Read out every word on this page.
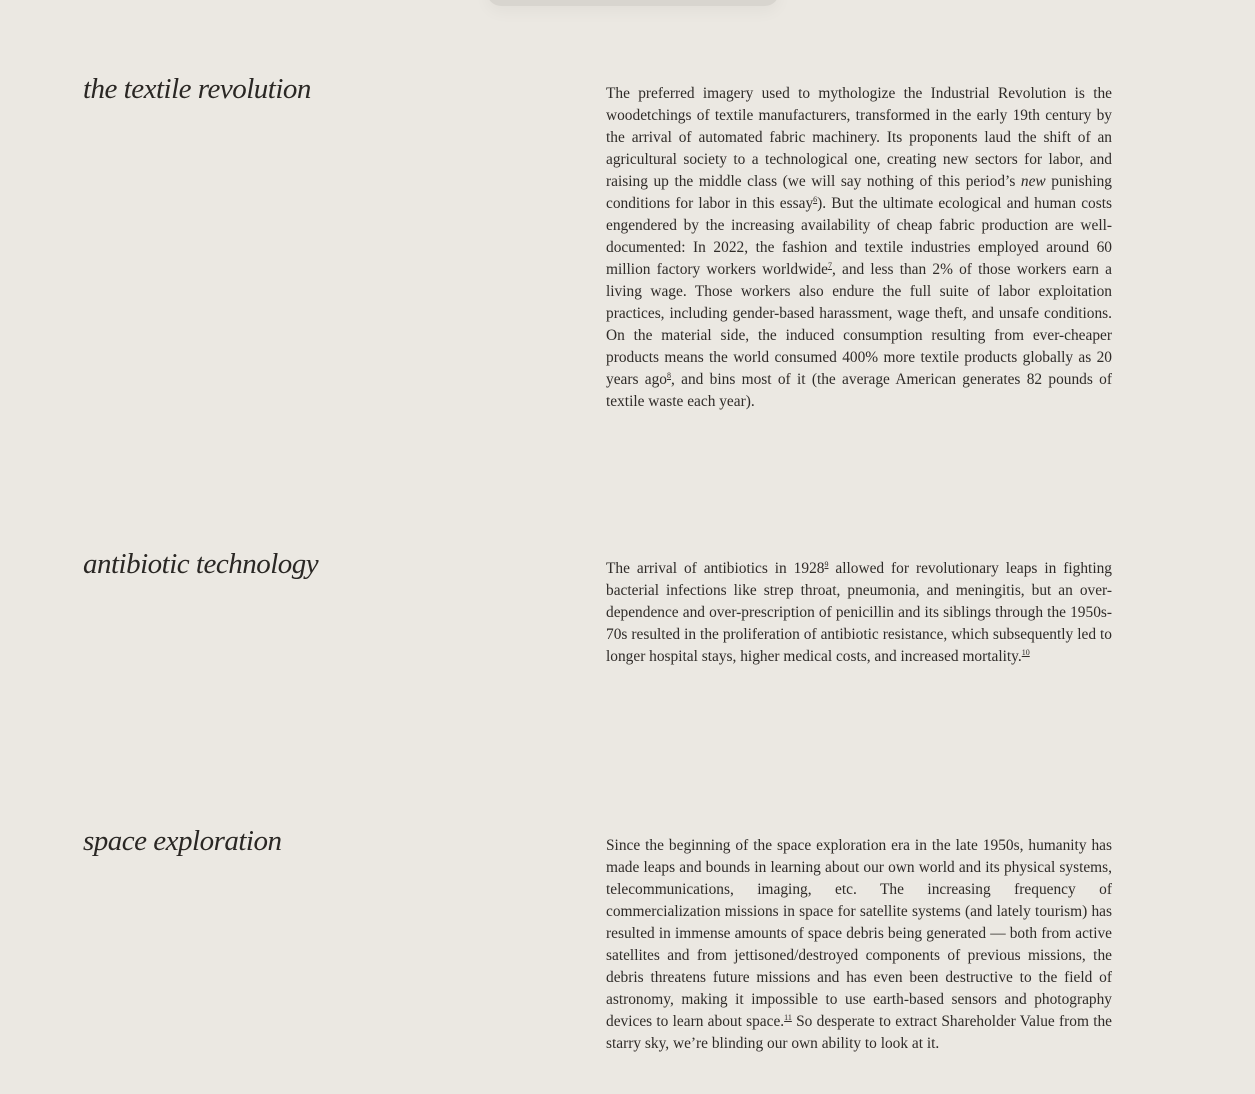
the textile revolution	The preferred imagery used to mythologize the Industrial Revolution is the woodetchings of textile manufacturers, transformed in the early 19th century by the arrival of automated fabric machinery. Its proponents laud the shift of an agricultural society to a technological one, creating new sectors for labor, and raising up the middle class (we will say nothing of this period’s new punishing conditions for labor in this essay$^6$). But the ultimate ecological and human costs engendered by the increasing availability of cheap fabric production are well-documented: In 2022, the fashion and textile industries employed around 60 million factory workers worldwide$^7$, and less than 2% of those workers earn a living wage. Those workers also endure the full suite of labor exploitation practices, including gender-based harassment, wage theft, and unsafe conditions. On the material side, the induced consumption resulting from ever-cheaper products means the world consumed 400% more textile products globally as 20 years ago$^8$, and bins most of it (the average American generates 82 pounds of textile waste each year).

antibiotic technology	The arrival of antibiotics in 1928$^9$ allowed for revolutionary leaps in fighting bacterial infections like strep throat, pneumonia, and meningitis, but an over-dependence and over-prescription of penicillin and its siblings through the 1950s-70s resulted in the proliferation of antibiotic resistance, which subsequently led to longer hospital stays, higher medical costs, and increased mortality.$^{10}$

space exploration	Since the beginning of the space exploration era in the late 1950s, humanity has made leaps and bounds in learning about our own world and its physical systems, telecommunications, imaging, etc. The increasing frequency of commercialization missions in space for satellite systems (and lately tourism) has resulted in immense amounts of space debris being generated — both from active satellites and from jettisoned/destroyed components of previous missions, the debris threatens future missions and has even been destructive to the field of astronomy, making it impossible to use earth-based sensors and photography devices to learn about space.$^{11}$ So desperate to extract Shareholder Value from the starry sky, we’re blinding our own ability to look at it.
